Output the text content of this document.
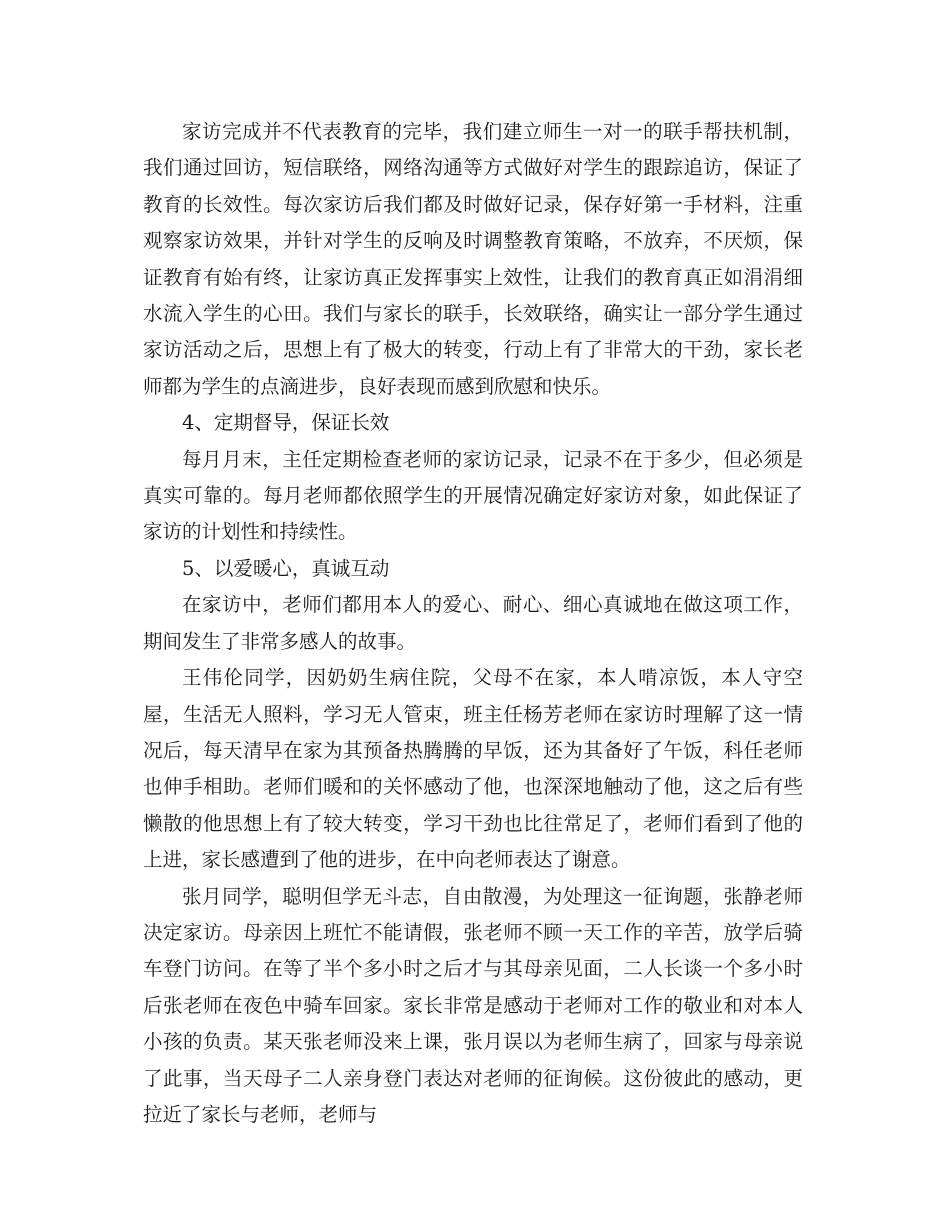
家访完成并不代表教育的完毕，我们建立师生一对一的联手帮扶机制，我们通过回访，短信联络，网络沟通等方式做好对学生的跟踪追访，保证了教育的长效性。每次家访后我们都及时做好记录，保存好第一手材料，注重观察家访效果，并针对学生的反响及时调整教育策略，不放弃，不厌烦，保证教育有始有终，让家访真正发挥事实上效性，让我们的教育真正如涓涓细水流入学生的心田。我们与家长的联手，长效联络，确实让一部分学生通过家访活动之后，思想上有了极大的转变，行动上有了非常大的干劲，家长老师都为学生的点滴进步，良好表现而感到欣慰和快乐。

4、定期督导，保证长效

每月月末，主任定期检查老师的家访记录，记录不在于多少，但必须是真实可靠的。每月老师都依照学生的开展情况确定好家访对象，如此保证了家访的计划性和持续性。

5、以爱暖心，真诚互动

在家访中，老师们都用本人的爱心、耐心、细心真诚地在做这项工作，期间发生了非常多感人的故事。

王伟伦同学，因奶奶生病住院，父母不在家，本人啃凉饭，本人守空屋，生活无人照料，学习无人管束，班主任杨芳老师在家访时理解了这一情况后，每天清早在家为其预备热腾腾的早饭，还为其备好了午饭，科任老师也伸手相助。老师们暖和的关怀感动了他，也深深地触动了他，这之后有些懒散的他思想上有了较大转变，学习干劲也比往常足了，老师们看到了他的上进，家长感遭到了他的进步，在中向老师表达了谢意。

张月同学，聪明但学无斗志，自由散漫，为处理这一征询题，张静老师决定家访。母亲因上班忙不能请假，张老师不顾一天工作的辛苦，放学后骑车登门访问。在等了半个多小时之后才与其母亲见面，二人长谈一个多小时后张老师在夜色中骑车回家。家长非常是感动于老师对工作的敬业和对本人小孩的负责。某天张老师没来上课，张月误以为老师生病了，回家与母亲说了此事，当天母子二人亲身登门表达对老师的征询候。这份彼此的感动，更拉近了家长与老师，老师与
